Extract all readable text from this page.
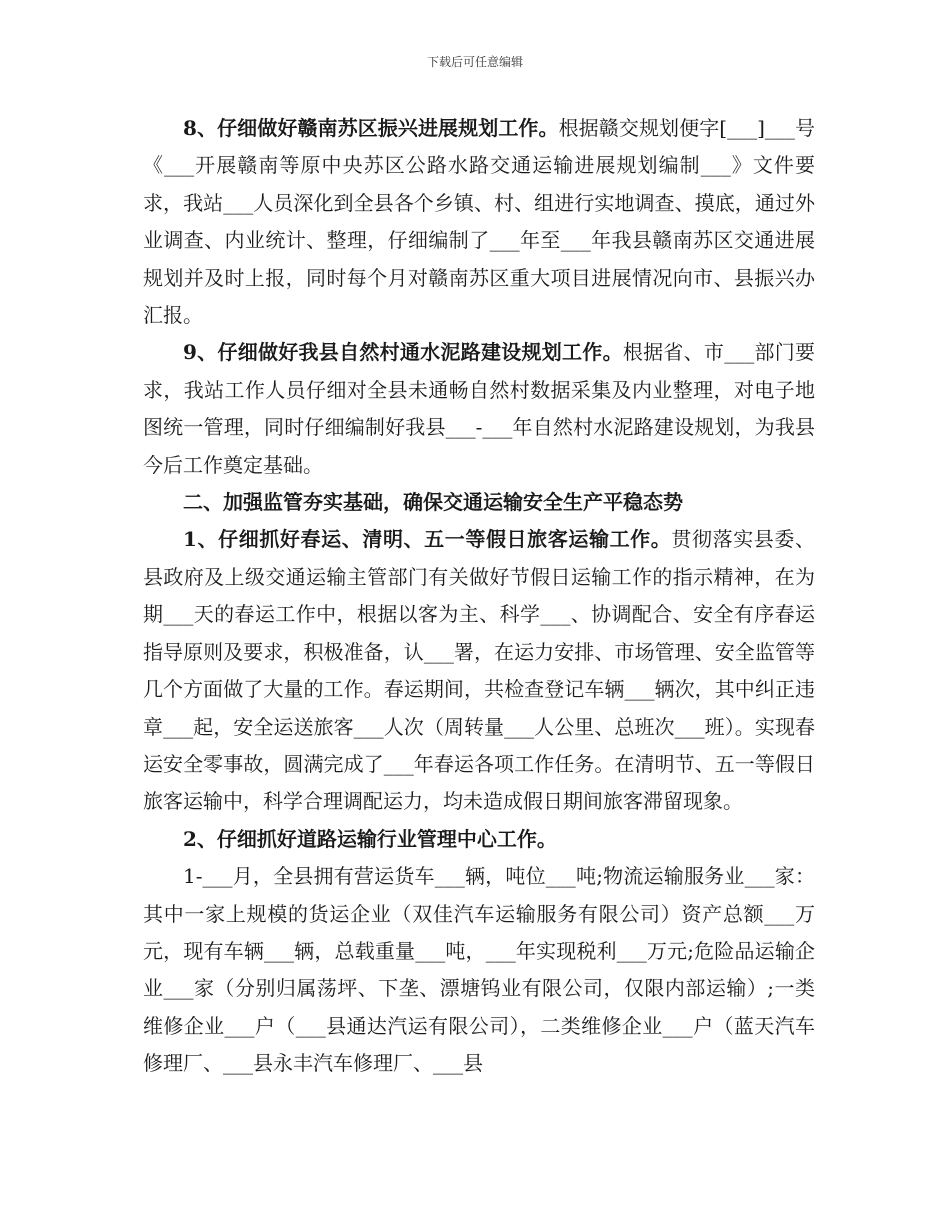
下载后可任意编辑

8、仔细做好赣南苏区振兴进展规划工作。根据赣交规划便字[___]___号《___开展赣南等原中央苏区公路水路交通运输进展规划编制___》文件要求，我站___人员深化到全县各个乡镇、村、组进行实地调查、摸底，通过外业调查、内业统计、整理，仔细编制了___年至___年我县赣南苏区交通进展规划并及时上报，同时每个月对赣南苏区重大项目进展情况向市、县振兴办汇报。

9、仔细做好我县自然村通水泥路建设规划工作。根据省、市___部门要求，我站工作人员仔细对全县未通畅自然村数据采集及内业整理，对电子地图统一管理，同时仔细编制好我县___-___年自然村水泥路建设规划，为我县今后工作奠定基础。

二、加强监管夯实基础，确保交通运输安全生产平稳态势

1、仔细抓好春运、清明、五一等假日旅客运输工作。贯彻落实县委、县政府及上级交通运输主管部门有关做好节假日运输工作的指示精神，在为期___天的春运工作中，根据以客为主、科学___、协调配合、安全有序春运指导原则及要求，积极准备，认___署，在运力安排、市场管理、安全监管等几个方面做了大量的工作。春运期间，共检查登记车辆___辆次，其中纠正违章___起，安全运送旅客___人次（周转量___人公里、总班次___班）。实现春运安全零事故，圆满完成了___年春运各项工作任务。在清明节、五一等假日旅客运输中，科学合理调配运力，均未造成假日期间旅客滞留现象。

2、仔细抓好道路运输行业管理中心工作。

1-___月，全县拥有营运货车___辆，吨位___吨;物流运输服务业___家：其中一家上规模的货运企业（双佳汽车运输服务有限公司）资产总额___万元，现有车辆___辆，总载重量___吨，___年实现税利___万元;危险品运输企业___家（分别归属荡坪、下垄、漂塘钨业有限公司，仅限内部运输）;一类维修企业___户（___县通达汽运有限公司），二类维修企业___户（蓝天汽车修理厂、___县永丰汽车修理厂、___县
